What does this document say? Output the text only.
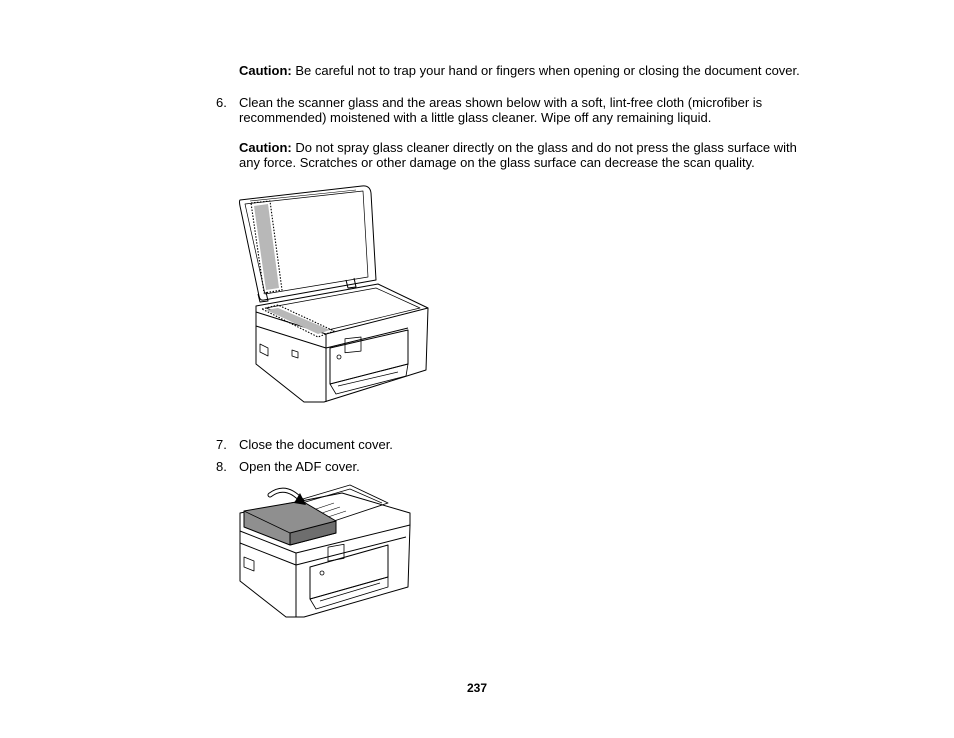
Caution: Be careful not to trap your hand or fingers when opening or closing the document cover.
6. Clean the scanner glass and the areas shown below with a soft, lint-free cloth (microfiber is
recommended) moistened with a little glass cleaner. Wipe off any remaining liquid.
Caution: Do not spray glass cleaner directly on the glass and do not press the glass surface with
any force. Scratches or other damage on the glass surface can decrease the scan quality.
7. Close the document cover.
8. Open the ADF cover.
237
